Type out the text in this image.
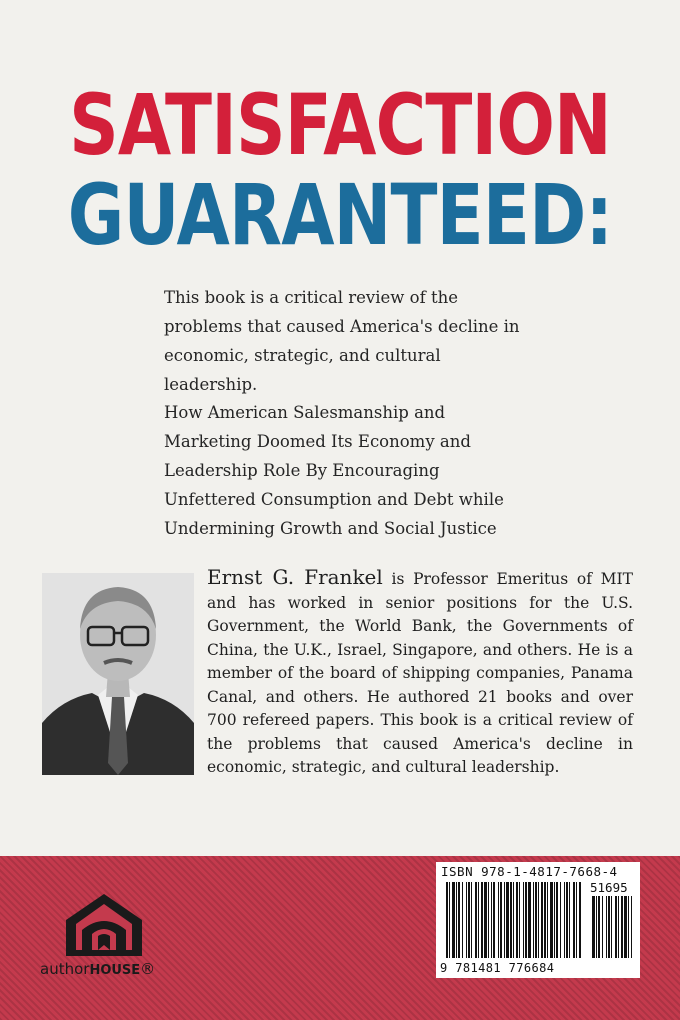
SATISFACTION
GUARANTEED:

This book is a critical review of the problems that caused America's decline in economic, strategic, and cultural leadership.

How American Salesmanship and Marketing Doomed Its Economy and Leadership Role By Encouraging Unfettered Consumption and Debt while Undermining Growth and Social Justice

Ernst G. Frankel is Professor Emeritus of MIT and has worked in senior positions for the U.S. Government, the World Bank, the Governments of China, the U.K., Israel, Singapore, and others. He is a member of the board of shipping companies, Panama Canal, and others. He authored 21 books and over 700 refereed papers. This book is a critical review of the problems that caused America's decline in economic, strategic, and cultural leadership.

authorHOUSE®
ISBN 978-1-4817-7668-4
51695
9 781481 776684
